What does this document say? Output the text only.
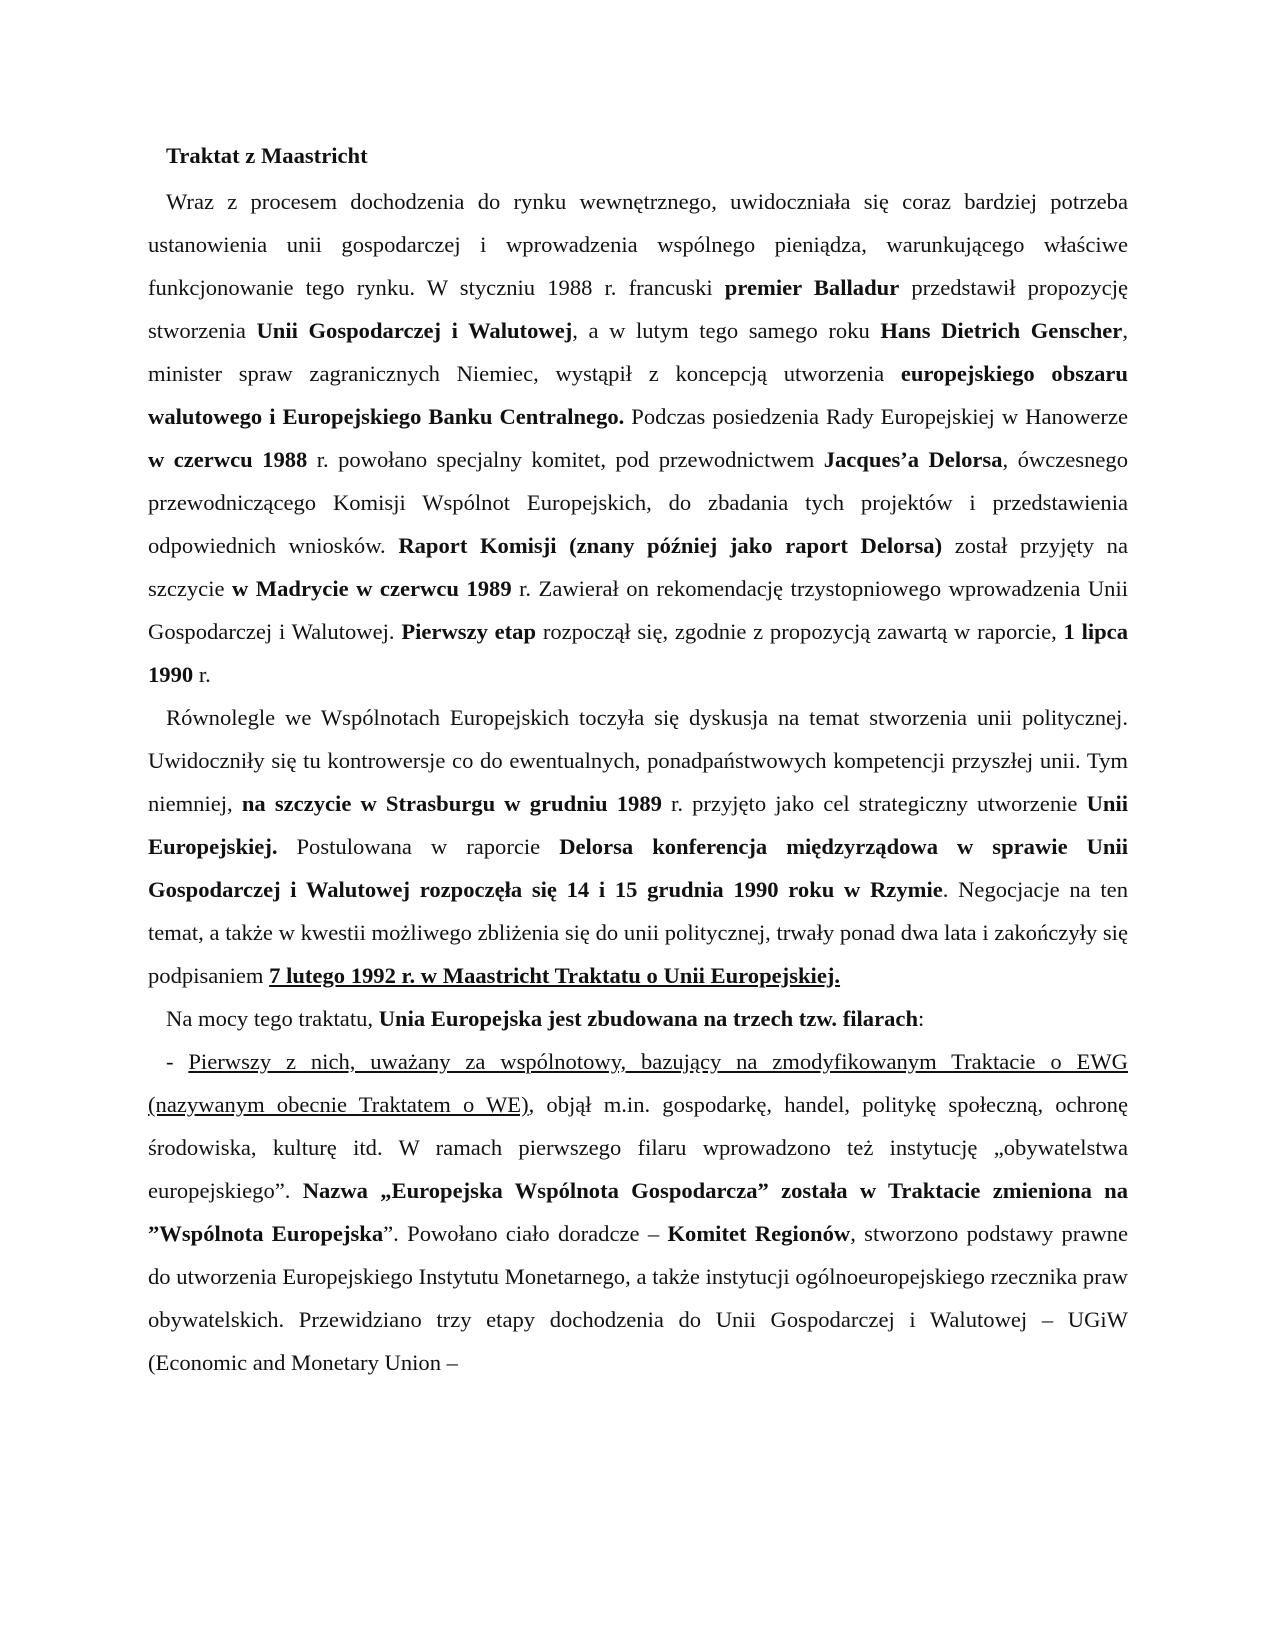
Traktat z Maastricht

Wraz z procesem dochodzenia do rynku wewnętrznego, uwidoczniała się coraz bardziej potrzeba ustanowienia unii gospodarczej i wprowadzenia wspólnego pieniądza, warunkującego właściwe funkcjonowanie tego rynku. W styczniu 1988 r. francuski premier Balladur przedstawił propozycję stworzenia Unii Gospodarczej i Walutowej, a w lutym tego samego roku Hans Dietrich Genscher, minister spraw zagranicznych Niemiec, wystąpił z koncepcją utworzenia europejskiego obszaru walutowego i Europejskiego Banku Centralnego. Podczas posiedzenia Rady Europejskiej w Hanowerze w czerwcu 1988 r. powołano specjalny komitet, pod przewodnictwem Jacques’a Delorsa, ówczesnego przewodniczącego Komisji Wspólnot Europejskich, do zbadania tych projektów i przedstawienia odpowiednich wniosków. Raport Komisji (znany później jako raport Delorsa) został przyjęty na szczycie w Madrycie w czerwcu 1989 r. Zawierał on rekomendację trzystopniowego wprowadzenia Unii Gospodarczej i Walutowej. Pierwszy etap rozpoczął się, zgodnie z propozycją zawartą w raporcie, 1 lipca 1990 r.

Równolegle we Wspólnotach Europejskich toczyła się dyskusja na temat stworzenia unii politycznej. Uwidoczniły się tu kontrowersje co do ewentualnych, ponadpaństwowych kompetencji przyszłej unii. Tym niemniej, na szczycie w Strasburgu w grudniu 1989 r. przyjęto jako cel strategiczny utworzenie Unii Europejskiej. Postulowana w raporcie Delorsa konferencja międzyrządowa w sprawie Unii Gospodarczej i Walutowej rozpoczęła się 14 i 15 grudnia 1990 roku w Rzymie. Negocjacje na ten temat, a także w kwestii możliwego zbliżenia się do unii politycznej, trwały ponad dwa lata i zakończyły się podpisaniem 7 lutego 1992 r. w Maastricht Traktatu o Unii Europejskiej.

Na mocy tego traktatu, Unia Europejska jest zbudowana na trzech tzw. filarach:

- Pierwszy z nich, uważany za wspólnotowy, bazujący na zmodyfikowanym Traktacie o EWG (nazywanym obecnie Traktatem o WE), objął m.in. gospodarkę, handel, politykę społeczną, ochronę środowiska, kulturę itd. W ramach pierwszego filaru wprowadzono też instytucję „obywatelstwa europejskiego”. Nazwa „Europejska Wspólnota Gospodarcza” została w Traktacie zmieniona na ”Wspólnota Europejska”. Powołano ciało doradcze – Komitet Regionów, stworzono podstawy prawne do utworzenia Europejskiego Instytutu Monetarnego, a także instytucji ogólnoeuropejskiego rzecznika praw obywatelskich. Przewidziano trzy etapy dochodzenia do Unii Gospodarczej i Walutowej – UGiW (Economic and Monetary Union –
